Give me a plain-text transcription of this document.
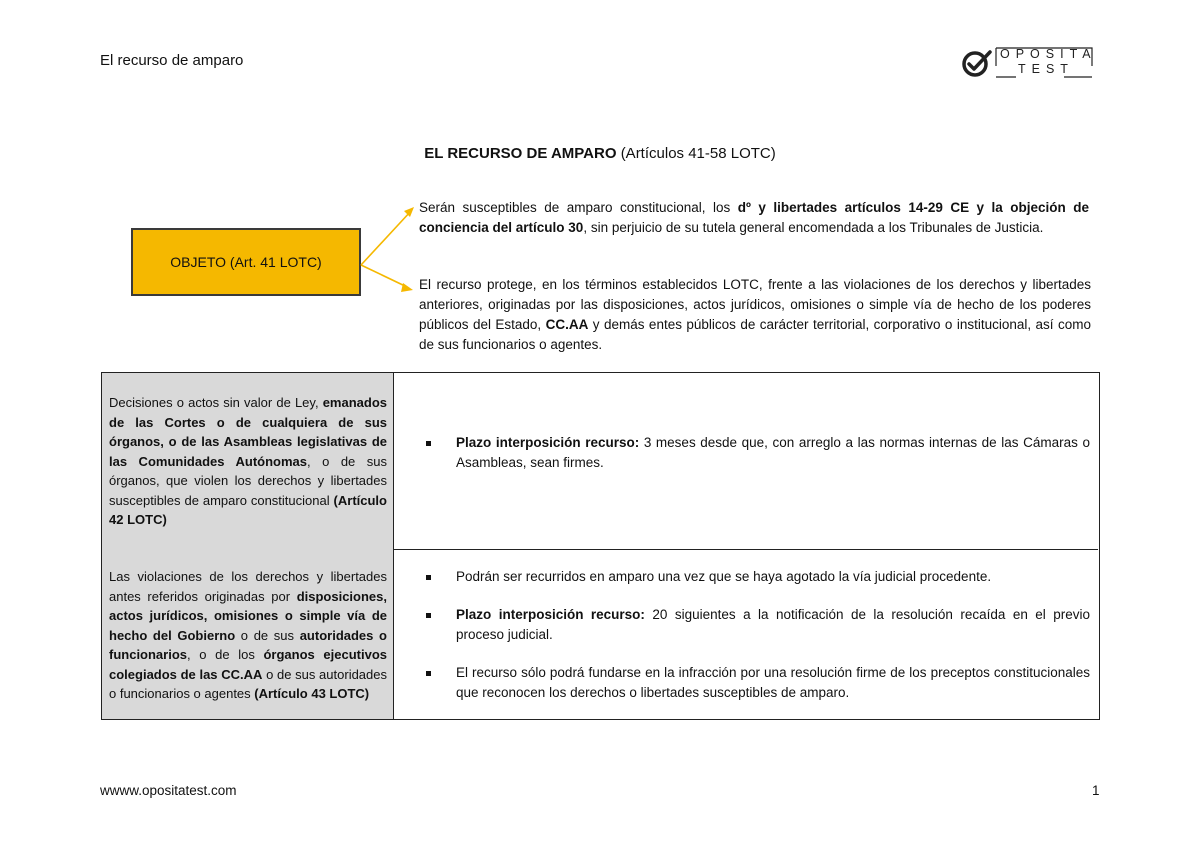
El recurso de amparo	OPOSITA
TEST
EL RECURSO DE AMPARO (Artículos 41-58 LOTC)
OBJETO (Art. 41 LOTC)
Serán susceptibles de amparo constitucional, los dº y libertades artículos 14-29 CE y la objeción de conciencia del artículo 30, sin perjuicio de su tutela general encomendada a los Tribunales de Justicia.
El recurso protege, en los términos establecidos LOTC, frente a las violaciones de los derechos y libertades anteriores, originadas por las disposiciones, actos jurídicos, omisiones o simple vía de hecho de los poderes públicos del Estado, CC.AA y demás entes públicos de carácter territorial, corporativo o institucional, así como de sus funcionarios o agentes.
Decisiones o actos sin valor de Ley, emanados de las Cortes o de cualquiera de sus órganos, o de las Asambleas legislativas de las Comunidades Autónomas, o de sus órganos, que violen los derechos y libertades susceptibles de amparo constitucional (Artículo 42 LOTC)
Plazo interposición recurso: 3 meses desde que, con arreglo a las normas internas de las Cámaras o Asambleas, sean firmes.
Las violaciones de los derechos y libertades antes referidos originadas por disposiciones, actos jurídicos, omisiones o simple vía de hecho del Gobierno o de sus autoridades o funcionarios, o de los órganos ejecutivos colegiados de las CC.AA o de sus autoridades o funcionarios o agentes (Artículo 43 LOTC)
Podrán ser recurridos en amparo una vez que se haya agotado la vía judicial procedente.
Plazo interposición recurso: 20 siguientes a la notificación de la resolución recaída en el previo proceso judicial.
El recurso sólo podrá fundarse en la infracción por una resolución firme de los preceptos constitucionales que reconocen los derechos o libertades susceptibles de amparo.
wwww.opositatest.com	1
